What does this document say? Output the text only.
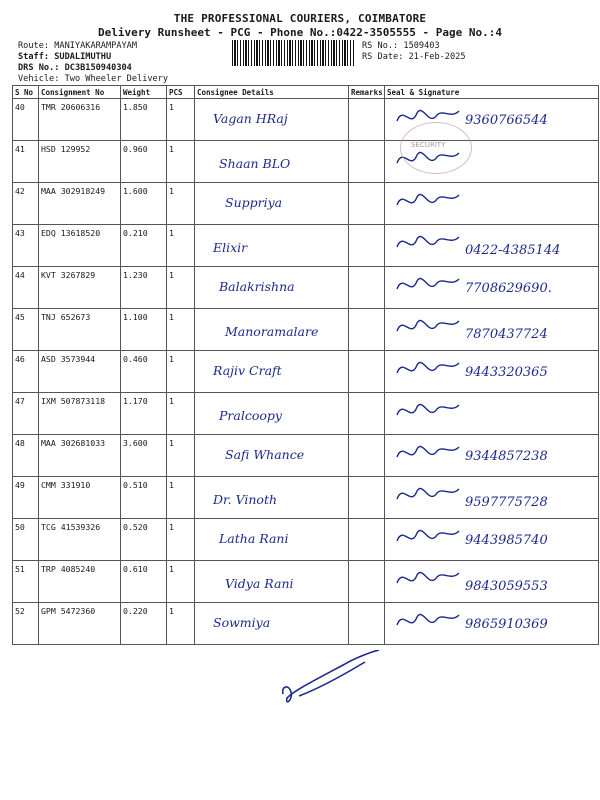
THE PROFESSIONAL COURIERS, COIMBATORE
Delivery Runsheet - PCG - Phone No.:0422-3505555 - Page No.:4
Route: MANIYAKARAMPAYAM
Staff: SUDALIMUTHU
DRS No.: DC3B150940304
Vehicle: Two Wheeler Delivery
RS No.: 1509403
RS Date: 21-Feb-2025
S No	Consignment No	Weight	PCS	Consignee Details	Remarks	Seal & Signature
40	TMR 20606316	1.850	1	Vagan HRaj		9360766544

41	HSD 129952	0.960	1	Shaan BLO

42	MAA 302918249	1.600	1	Suppriya

43	EDQ 13618520	0.210	1	Elixir		0422-4385144

44	KVT 3267829	1.230	1	Balakrishna		7708629690.

45	TNJ 652673	1.100	1	Manoramalare		7870437724

46	ASD 3573944	0.460	1	Rajiv Craft		9443320365

47	IXM 507873118	1.170	1	Pralcoopy

48	MAA 302681033	3.600	1	Safi Whance		9344857238

49	CMM 331910	0.510	1	Dr. Vinoth		9597775728

50	TCG 41539326	0.520	1	Latha Rani		9443985740

51	TRP 4085240	0.610	1	Vidya Rani		9843059553

52	GPM 5472360	0.220	1	Sowmiya		9865910369
SECURITY
